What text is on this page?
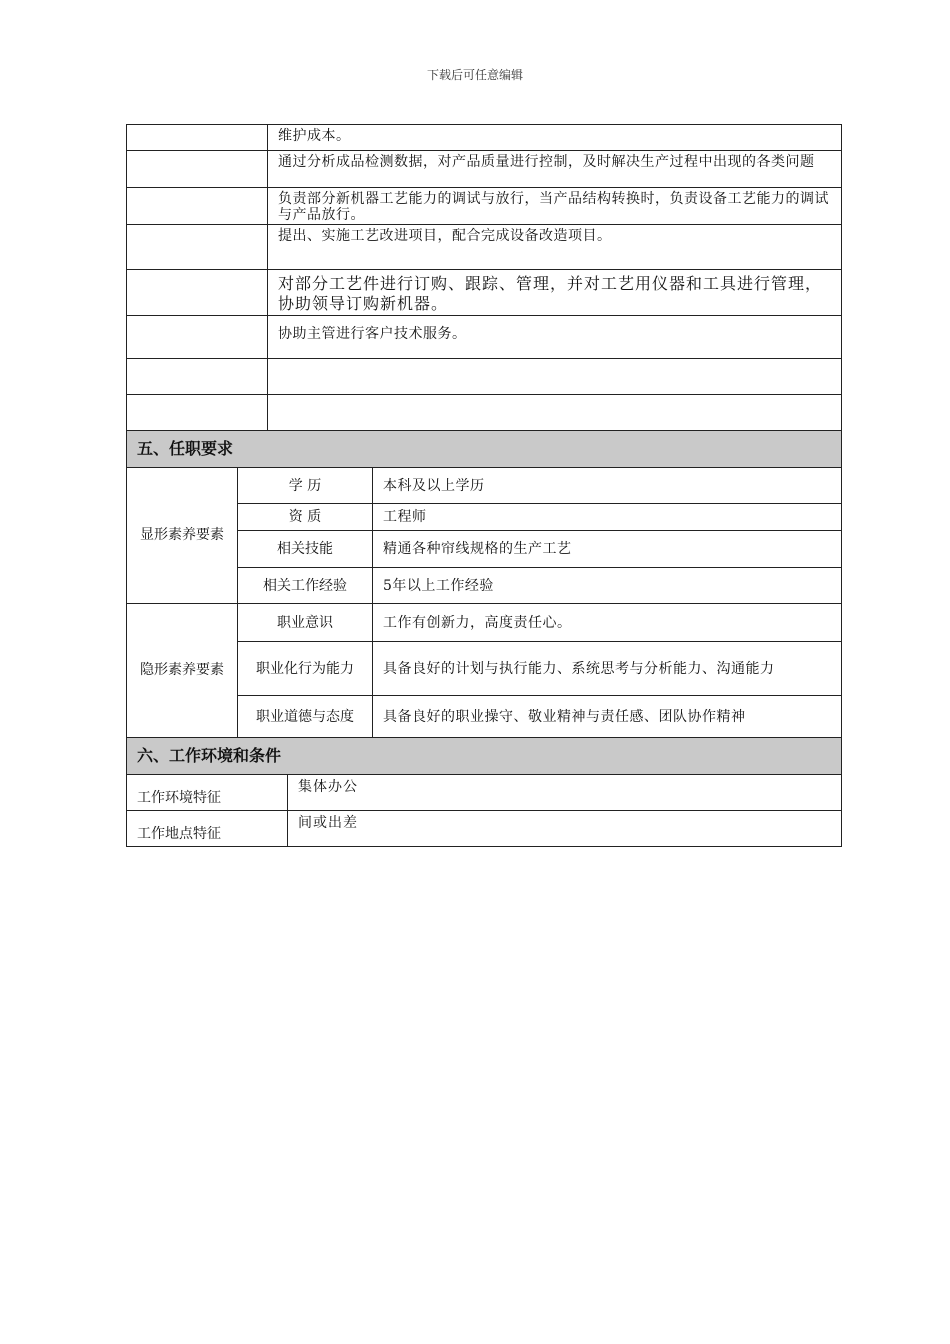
下载后可任意编辑
	维护成本。
	通过分析成品检测数据，对产品质量进行控制，及时解决生产过程中出现的各类问题
	负责部分新机器工艺能力的调试与放行，当产品结构转换时，负责设备工艺能力的调试与产品放行。
	提出、实施工艺改进项目，配合完成设备改造项目。
	对部分工艺件进行订购、跟踪、管理，并对工艺用仪器和工具进行管理，协助领导订购新机器。
	协助主管进行客户技术服务。

五、任职要求
显形素养要素	学 历	本科及以上学历
	资 质	工程师
	相关技能	精通各种帘线规格的生产工艺
	相关工作经验	5年以上工作经验
隐形素养要素	职业意识	工作有创新力，高度责任心。
	职业化行为能力	具备良好的计划与执行能力、系统思考与分析能力、沟通能力
	职业道德与态度	具备良好的职业操守、敬业精神与责任感、团队协作精神
六、工作环境和条件
工作环境特征	集体办公
工作地点特征	间或出差
